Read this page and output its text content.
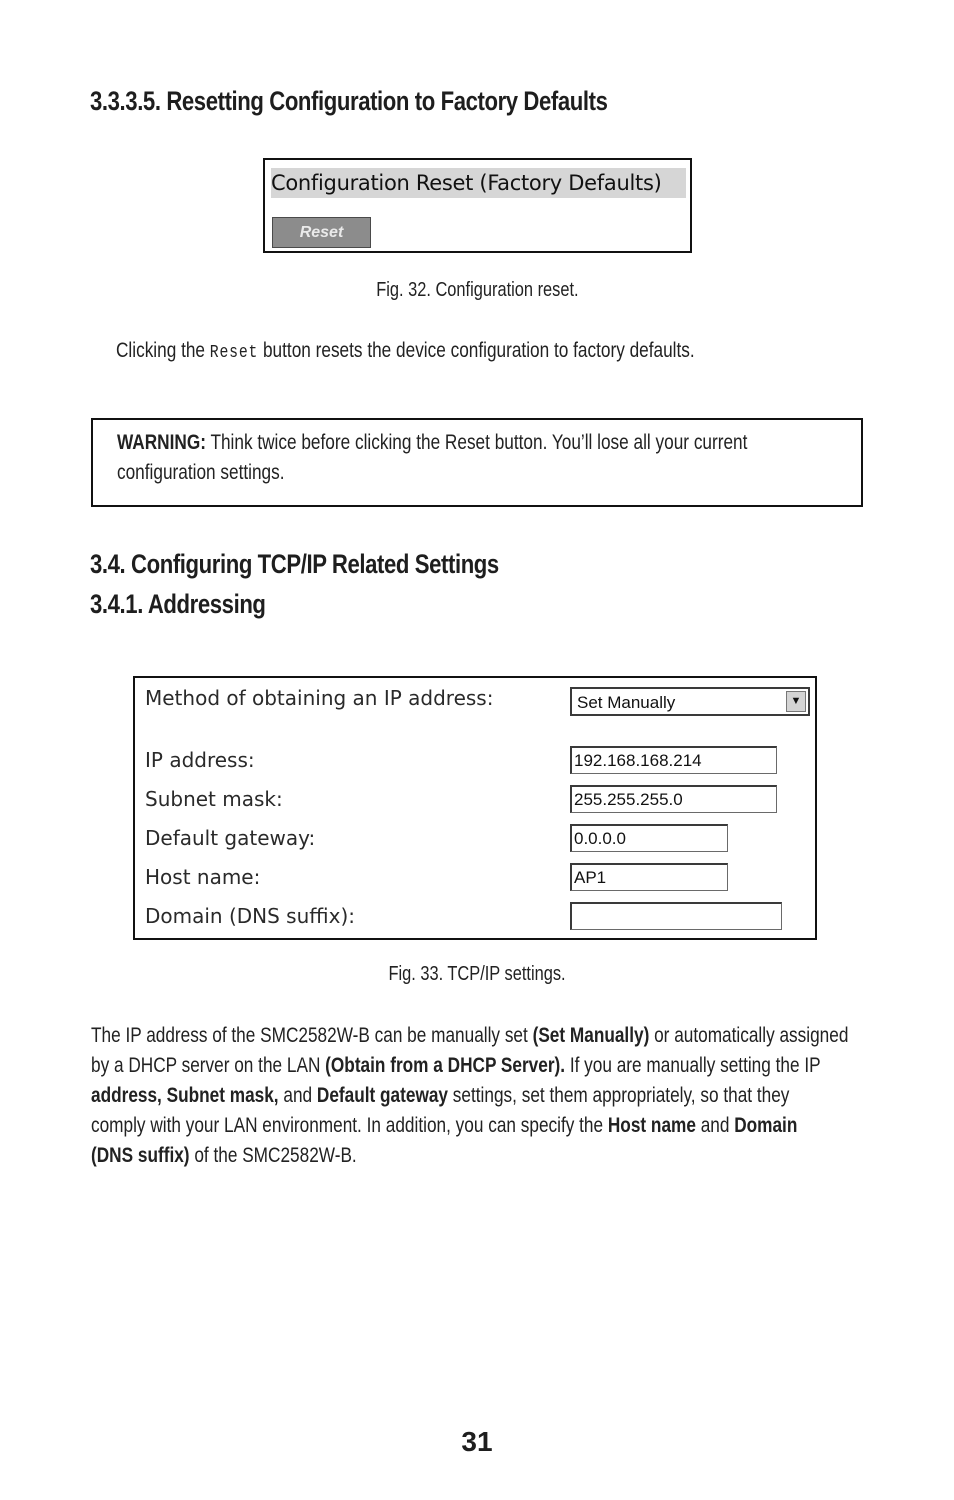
3.3.3.5. Resetting Configuration to Factory Defaults
Configuration Reset (Factory Defaults)
Reset
Fig. 32. Configuration reset.
Clicking the Reset button resets the device configuration to factory defaults.
WARNING: Think twice before clicking the Reset button. You’ll lose all your current
configuration settings.
3.4. Configuring TCP/IP Related Settings
3.4.1. Addressing
Method of obtaining an IP address:	Set Manually	▼
IP address:	192.168.168.214
Subnet mask:	255.255.255.0
Default gateway:	0.0.0.0
Host name:	AP1
Domain (DNS suffix):
Fig. 33. TCP/IP settings.
The IP address of the SMC2582W-B can be manually set (Set Manually) or automatically assigned
by a DHCP server on the LAN (Obtain from a DHCP Server). If you are manually setting the IP
address, Subnet mask, and Default gateway settings, set them appropriately, so that they
comply with your LAN environment. In addition, you can specify the Host name and Domain
(DNS suffix) of the SMC2582W-B.
31
